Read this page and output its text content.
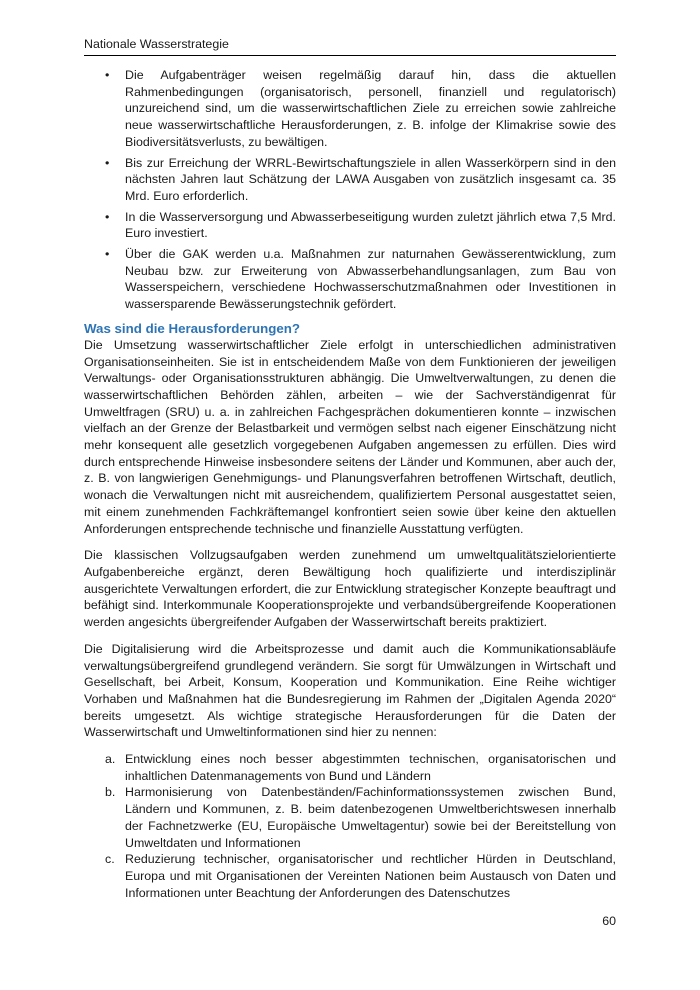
Nationale Wasserstrategie
• Die Aufgabenträger weisen regelmäßig darauf hin, dass die aktuellen Rahmenbedingungen (organisatorisch, personell, finanziell und regulatorisch) unzureichend sind, um die wasserwirtschaftlichen Ziele zu erreichen sowie zahlreiche neue wasserwirtschaftliche Herausforderungen, z. B. infolge der Klimakrise sowie des Biodiversitätsverlusts, zu bewältigen.
• Bis zur Erreichung der WRRL-Bewirtschaftungsziele in allen Wasserkörpern sind in den nächsten Jahren laut Schätzung der LAWA Ausgaben von zusätzlich insgesamt ca. 35 Mrd. Euro erforderlich.
• In die Wasserversorgung und Abwasserbeseitigung wurden zuletzt jährlich etwa 7,5 Mrd. Euro investiert.
• Über die GAK werden u.a. Maßnahmen zur naturnahen Gewässerentwicklung, zum Neubau bzw. zur Erweiterung von Abwasserbehandlungsanlagen, zum Bau von Wasserspeichern, verschiedene Hochwasserschutzmaßnahmen oder Investitionen in wassersparende Bewässerungstechnik gefördert.
Was sind die Herausforderungen?

Die Umsetzung wasserwirtschaftlicher Ziele erfolgt in unterschiedlichen administrativen Organisationseinheiten. Sie ist in entscheidendem Maße von dem Funktionieren der jeweiligen Verwaltungs- oder Organisationsstrukturen abhängig. Die Umweltverwaltungen, zu denen die wasserwirtschaftlichen Behörden zählen, arbeiten – wie der Sachverständigenrat für Umweltfragen (SRU) u. a. in zahlreichen Fachgesprächen dokumentieren konnte – inzwischen vielfach an der Grenze der Belastbarkeit und vermögen selbst nach eigener Einschätzung nicht mehr konsequent alle gesetzlich vorgegebenen Aufgaben angemessen zu erfüllen. Dies wird durch entsprechende Hinweise insbesondere seitens der Länder und Kommunen, aber auch der, z. B. von langwierigen Genehmigungs- und Planungsverfahren betroffenen Wirtschaft, deutlich, wonach die Verwaltungen nicht mit ausreichendem, qualifiziertem Personal ausgestattet seien, mit einem zunehmenden Fachkräftemangel konfrontiert seien sowie über keine den aktuellen Anforderungen entsprechende technische und finanzielle Ausstattung verfügten.

Die klassischen Vollzugsaufgaben werden zunehmend um umweltqualitätszielorientierte Aufgabenbereiche ergänzt, deren Bewältigung hoch qualifizierte und interdisziplinär ausgerichtete Verwaltungen erfordert, die zur Entwicklung strategischer Konzepte beauftragt und befähigt sind. Interkommunale Kooperationsprojekte und verbandsübergreifende Kooperationen werden angesichts übergreifender Aufgaben der Wasserwirtschaft bereits praktiziert.

Die Digitalisierung wird die Arbeitsprozesse und damit auch die Kommunikationsabläufe verwaltungsübergreifend grundlegend verändern. Sie sorgt für Umwälzungen in Wirtschaft und Gesellschaft, bei Arbeit, Konsum, Kooperation und Kommunikation. Eine Reihe wichtiger Vorhaben und Maßnahmen hat die Bundesregierung im Rahmen der „Digitalen Agenda 2020“ bereits umgesetzt. Als wichtige strategische Herausforderungen für die Daten der Wasserwirtschaft und Umweltinformationen sind hier zu nennen:

a. Entwicklung eines noch besser abgestimmten technischen, organisatorischen und inhaltlichen Datenmanagements von Bund und Ländern
b. Harmonisierung von Datenbeständen/Fachinformationssystemen zwischen Bund, Ländern und Kommunen, z. B. beim datenbezogenen Umweltberichtswesen innerhalb der Fachnetzwerke (EU, Europäische Umweltagentur) sowie bei der Bereitstellung von Umweltdaten und Informationen
c. Reduzierung technischer, organisatorischer und rechtlicher Hürden in Deutschland, Europa und mit Organisationen der Vereinten Nationen beim Austausch von Daten und Informationen unter Beachtung der Anforderungen des Datenschutzes
60
